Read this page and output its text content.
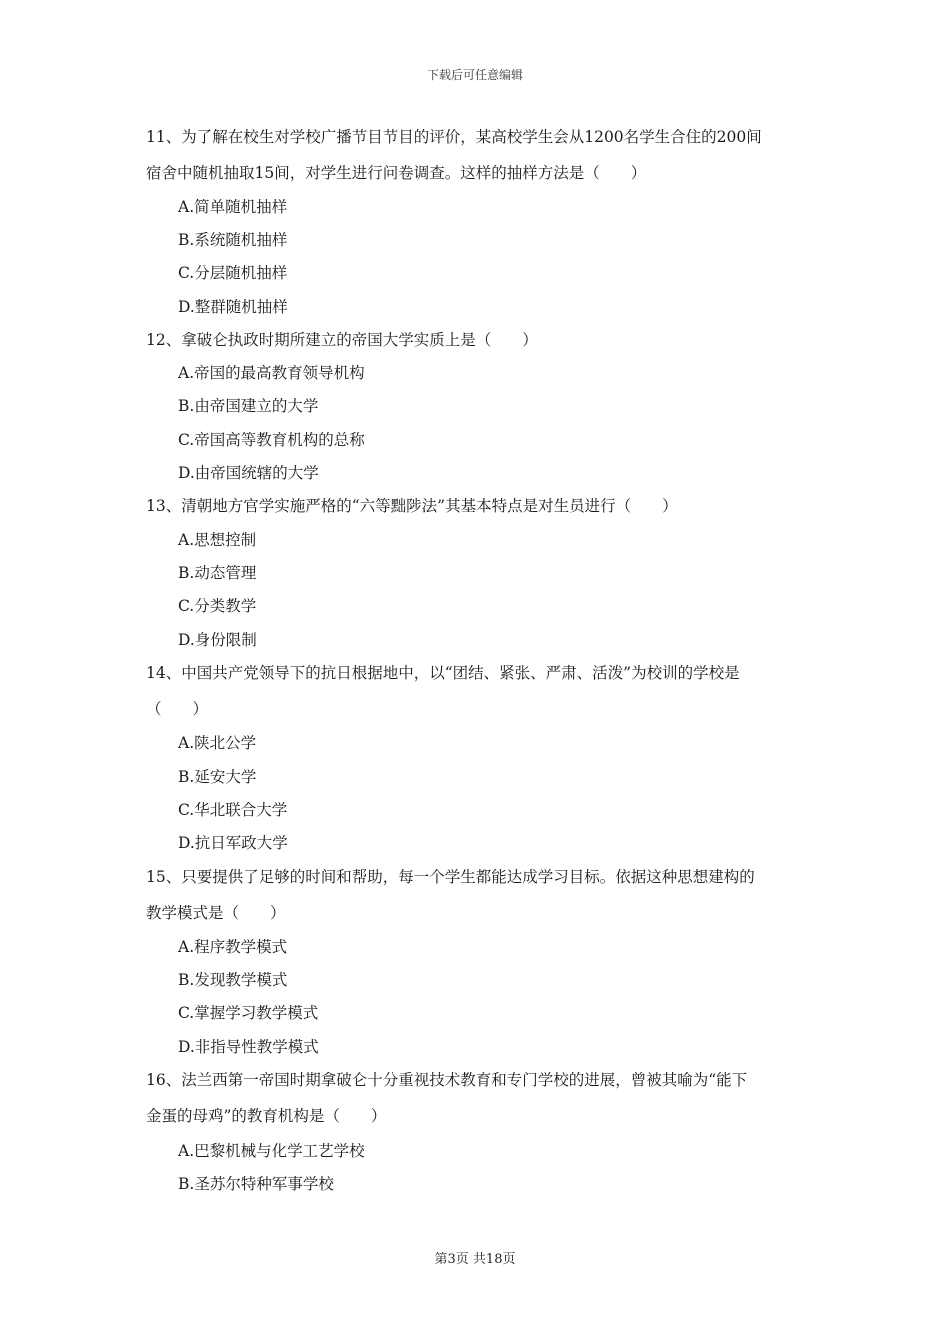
下载后可任意编辑
11、为了解在校生对学校广播节目节目的评价，某高校学生会从1200名学生合住的200间
宿舍中随机抽取15间，对学生进行问卷调查。这样的抽样方法是（　　）
A.简单随机抽样
B.系统随机抽样
C.分层随机抽样
D.整群随机抽样
12、拿破仑执政时期所建立的帝国大学实质上是（　　）
A.帝国的最高教育领导机构
B.由帝国建立的大学
C.帝国高等教育机构的总称
D.由帝国统辖的大学
13、清朝地方官学实施严格的“六等黜陟法”其基本特点是对生员进行（　　）
A.思想控制
B.动态管理
C.分类教学
D.身份限制
14、中国共产党领导下的抗日根据地中，以“团结、紧张、严肃、活泼”为校训的学校是
（　　）
A.陕北公学
B.延安大学
C.华北联合大学
D.抗日军政大学
15、只要提供了足够的时间和帮助，每一个学生都能达成学习目标。依据这种思想建构的
教学模式是（　　）
A.程序教学模式
B.发现教学模式
C.掌握学习教学模式
D.非指导性教学模式
16、法兰西第一帝国时期拿破仑十分重视技术教育和专门学校的进展，曾被其喻为“能下
金蛋的母鸡”的教育机构是（　　）
A.巴黎机械与化学工艺学校
B.圣苏尔特种军事学校
第3页 共18页
